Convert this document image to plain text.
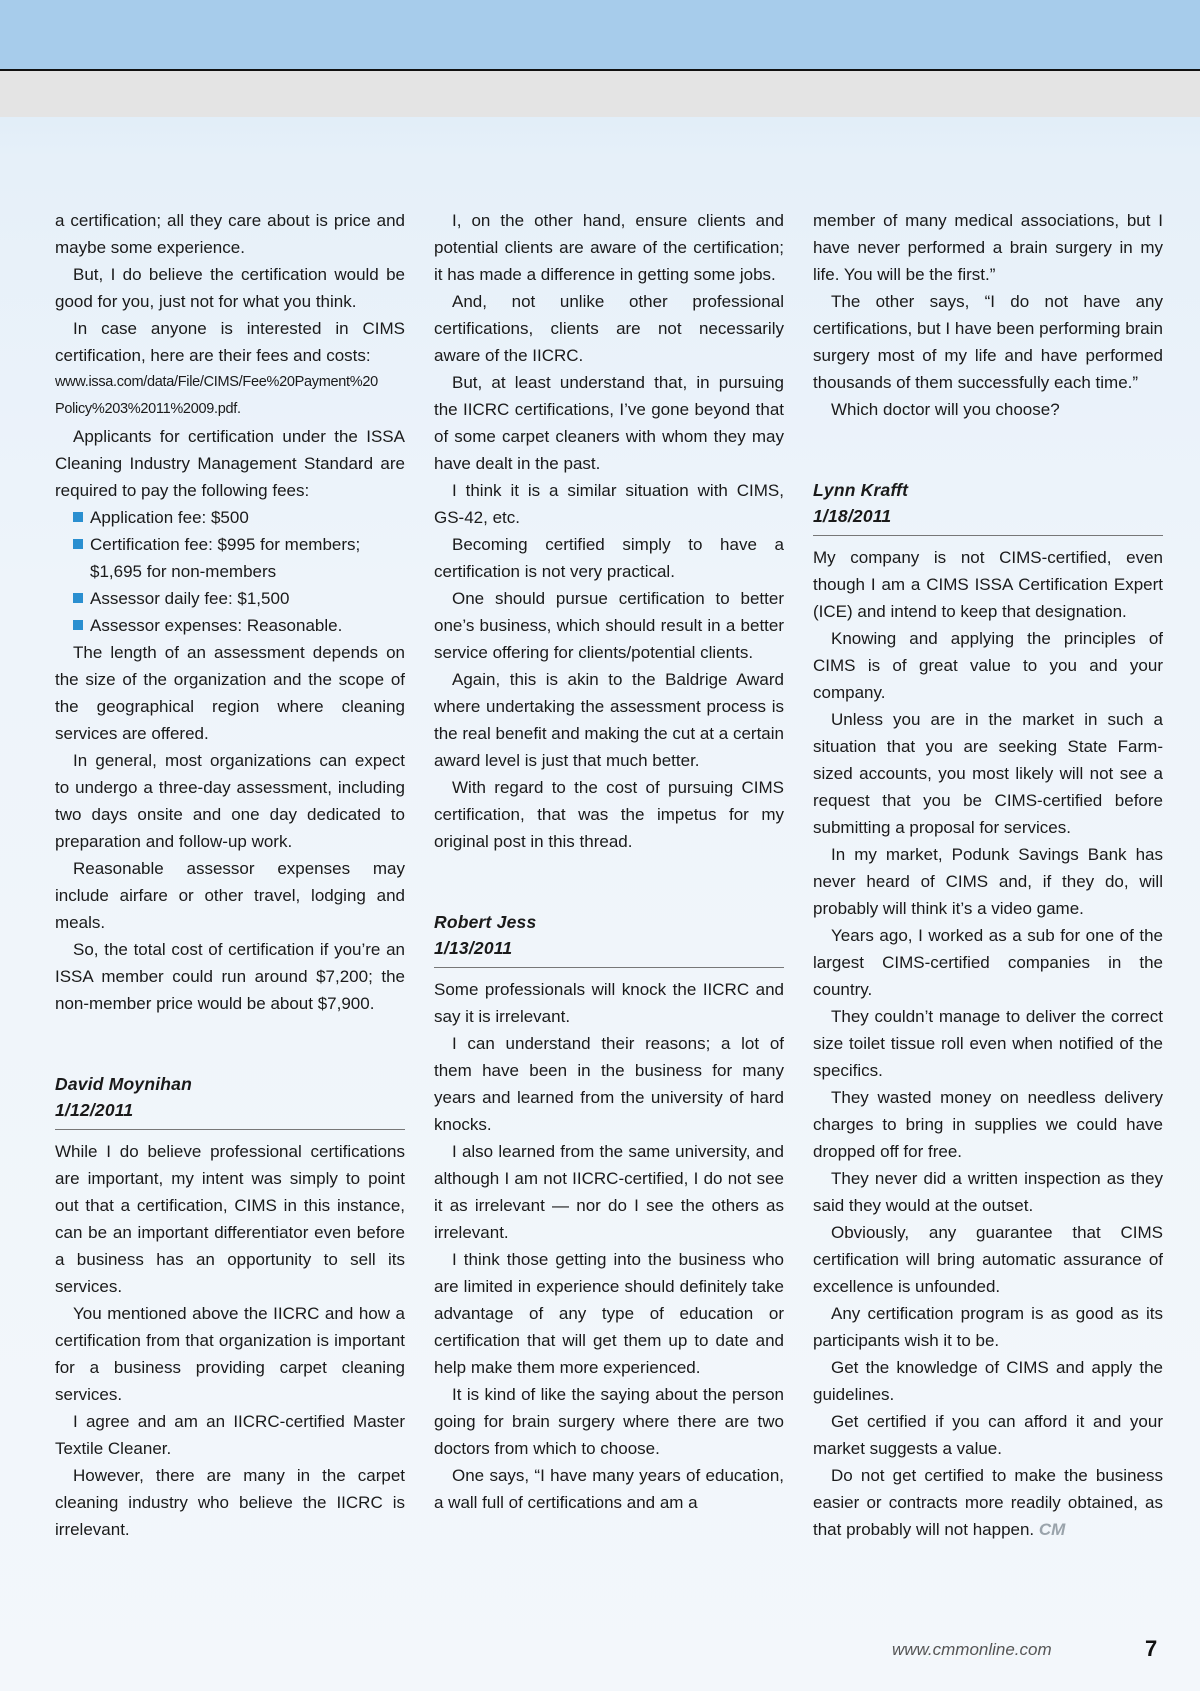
a certification; all they care about is price and maybe some experience.

But, I do believe the certification would be good for you, just not for what you think.

In case anyone is interested in CIMS certification, here are their fees and costs:

www.issa.com/data/File/CIMS/Fee%20Payment%20 Policy%203%2011%2009.pdf.

Applicants for certification under the ISSA Cleaning Industry Management Standard are required to pay the following fees:

Application fee: $500
Certification fee: $995 for members; $1,695 for non-members
Assessor daily fee: $1,500
Assessor expenses: Reasonable.

The length of an assessment depends on the size of the organization and the scope of the geographical region where cleaning services are offered.

In general, most organizations can expect to undergo a three-day assessment, including two days onsite and one day dedicated to preparation and follow-up work.

Reasonable assessor expenses may include airfare or other travel, lodging and meals.

So, the total cost of certification if you’re an ISSA member could run around $7,200; the non-member price would be about $7,900.

David Moynihan
1/12/2011

While I do believe professional certifications are important, my intent was simply to point out that a certification, CIMS in this instance, can be an important differentiator even before a business has an opportunity to sell its services.

You mentioned above the IICRC and how a certification from that organization is important for a business providing carpet cleaning services.

I agree and am an IICRC-certified Master Textile Cleaner.

However, there are many in the carpet cleaning industry who believe the IICRC is irrelevant.

I, on the other hand, ensure clients and potential clients are aware of the certification; it has made a difference in getting some jobs.

And, not unlike other professional certifications, clients are not necessarily aware of the IICRC.

But, at least understand that, in pursuing the IICRC certifications, I’ve gone beyond that of some carpet cleaners with whom they may have dealt in the past.

I think it is a similar situation with CIMS, GS-42, etc.

Becoming certified simply to have a certification is not very practical.

One should pursue certification to better one’s business, which should result in a better service offering for clients/potential clients.

Again, this is akin to the Baldrige Award where undertaking the assessment process is the real benefit and making the cut at a certain award level is just that much better.

With regard to the cost of pursuing CIMS certification, that was the impetus for my original post in this thread.

Robert Jess
1/13/2011

Some professionals will knock the IICRC and say it is irrelevant.

I can understand their reasons; a lot of them have been in the business for many years and learned from the university of hard knocks.

I also learned from the same university, and although I am not IICRC-certified, I do not see it as irrelevant — nor do I see the others as irrelevant.

I think those getting into the business who are limited in experience should definitely take advantage of any type of education or certification that will get them up to date and help make them more experienced.

It is kind of like the saying about the person going for brain surgery where there are two doctors from which to choose.

One says, “I have many years of education, a wall full of certifications and am a

member of many medical associations, but I have never performed a brain surgery in my life. You will be the first.”

The other says, “I do not have any certifications, but I have been performing brain surgery most of my life and have performed thousands of them successfully each time.”

Which doctor will you choose?

Lynn Krafft
1/18/2011

My company is not CIMS-certified, even though I am a CIMS ISSA Certification Expert (ICE) and intend to keep that designation.

Knowing and applying the principles of CIMS is of great value to you and your company.

Unless you are in the market in such a situation that you are seeking State Farm-sized accounts, you most likely will not see a request that you be CIMS-certified before submitting a proposal for services.

In my market, Podunk Savings Bank has never heard of CIMS and, if they do, will probably will think it’s a video game.

Years ago, I worked as a sub for one of the largest CIMS-certified companies in the country.

They couldn’t manage to deliver the correct size toilet tissue roll even when notified of the specifics.

They wasted money on needless delivery charges to bring in supplies we could have dropped off for free.

They never did a written inspection as they said they would at the outset.

Obviously, any guarantee that CIMS certification will bring automatic assurance of excellence is unfounded.

Any certification program is as good as its participants wish it to be.

Get the knowledge of CIMS and apply the guidelines.

Get certified if you can afford it and your market suggests a value.

Do not get certified to make the business easier or contracts more readily obtained, as that probably will not happen. CM

www.cmmonline.com	7
